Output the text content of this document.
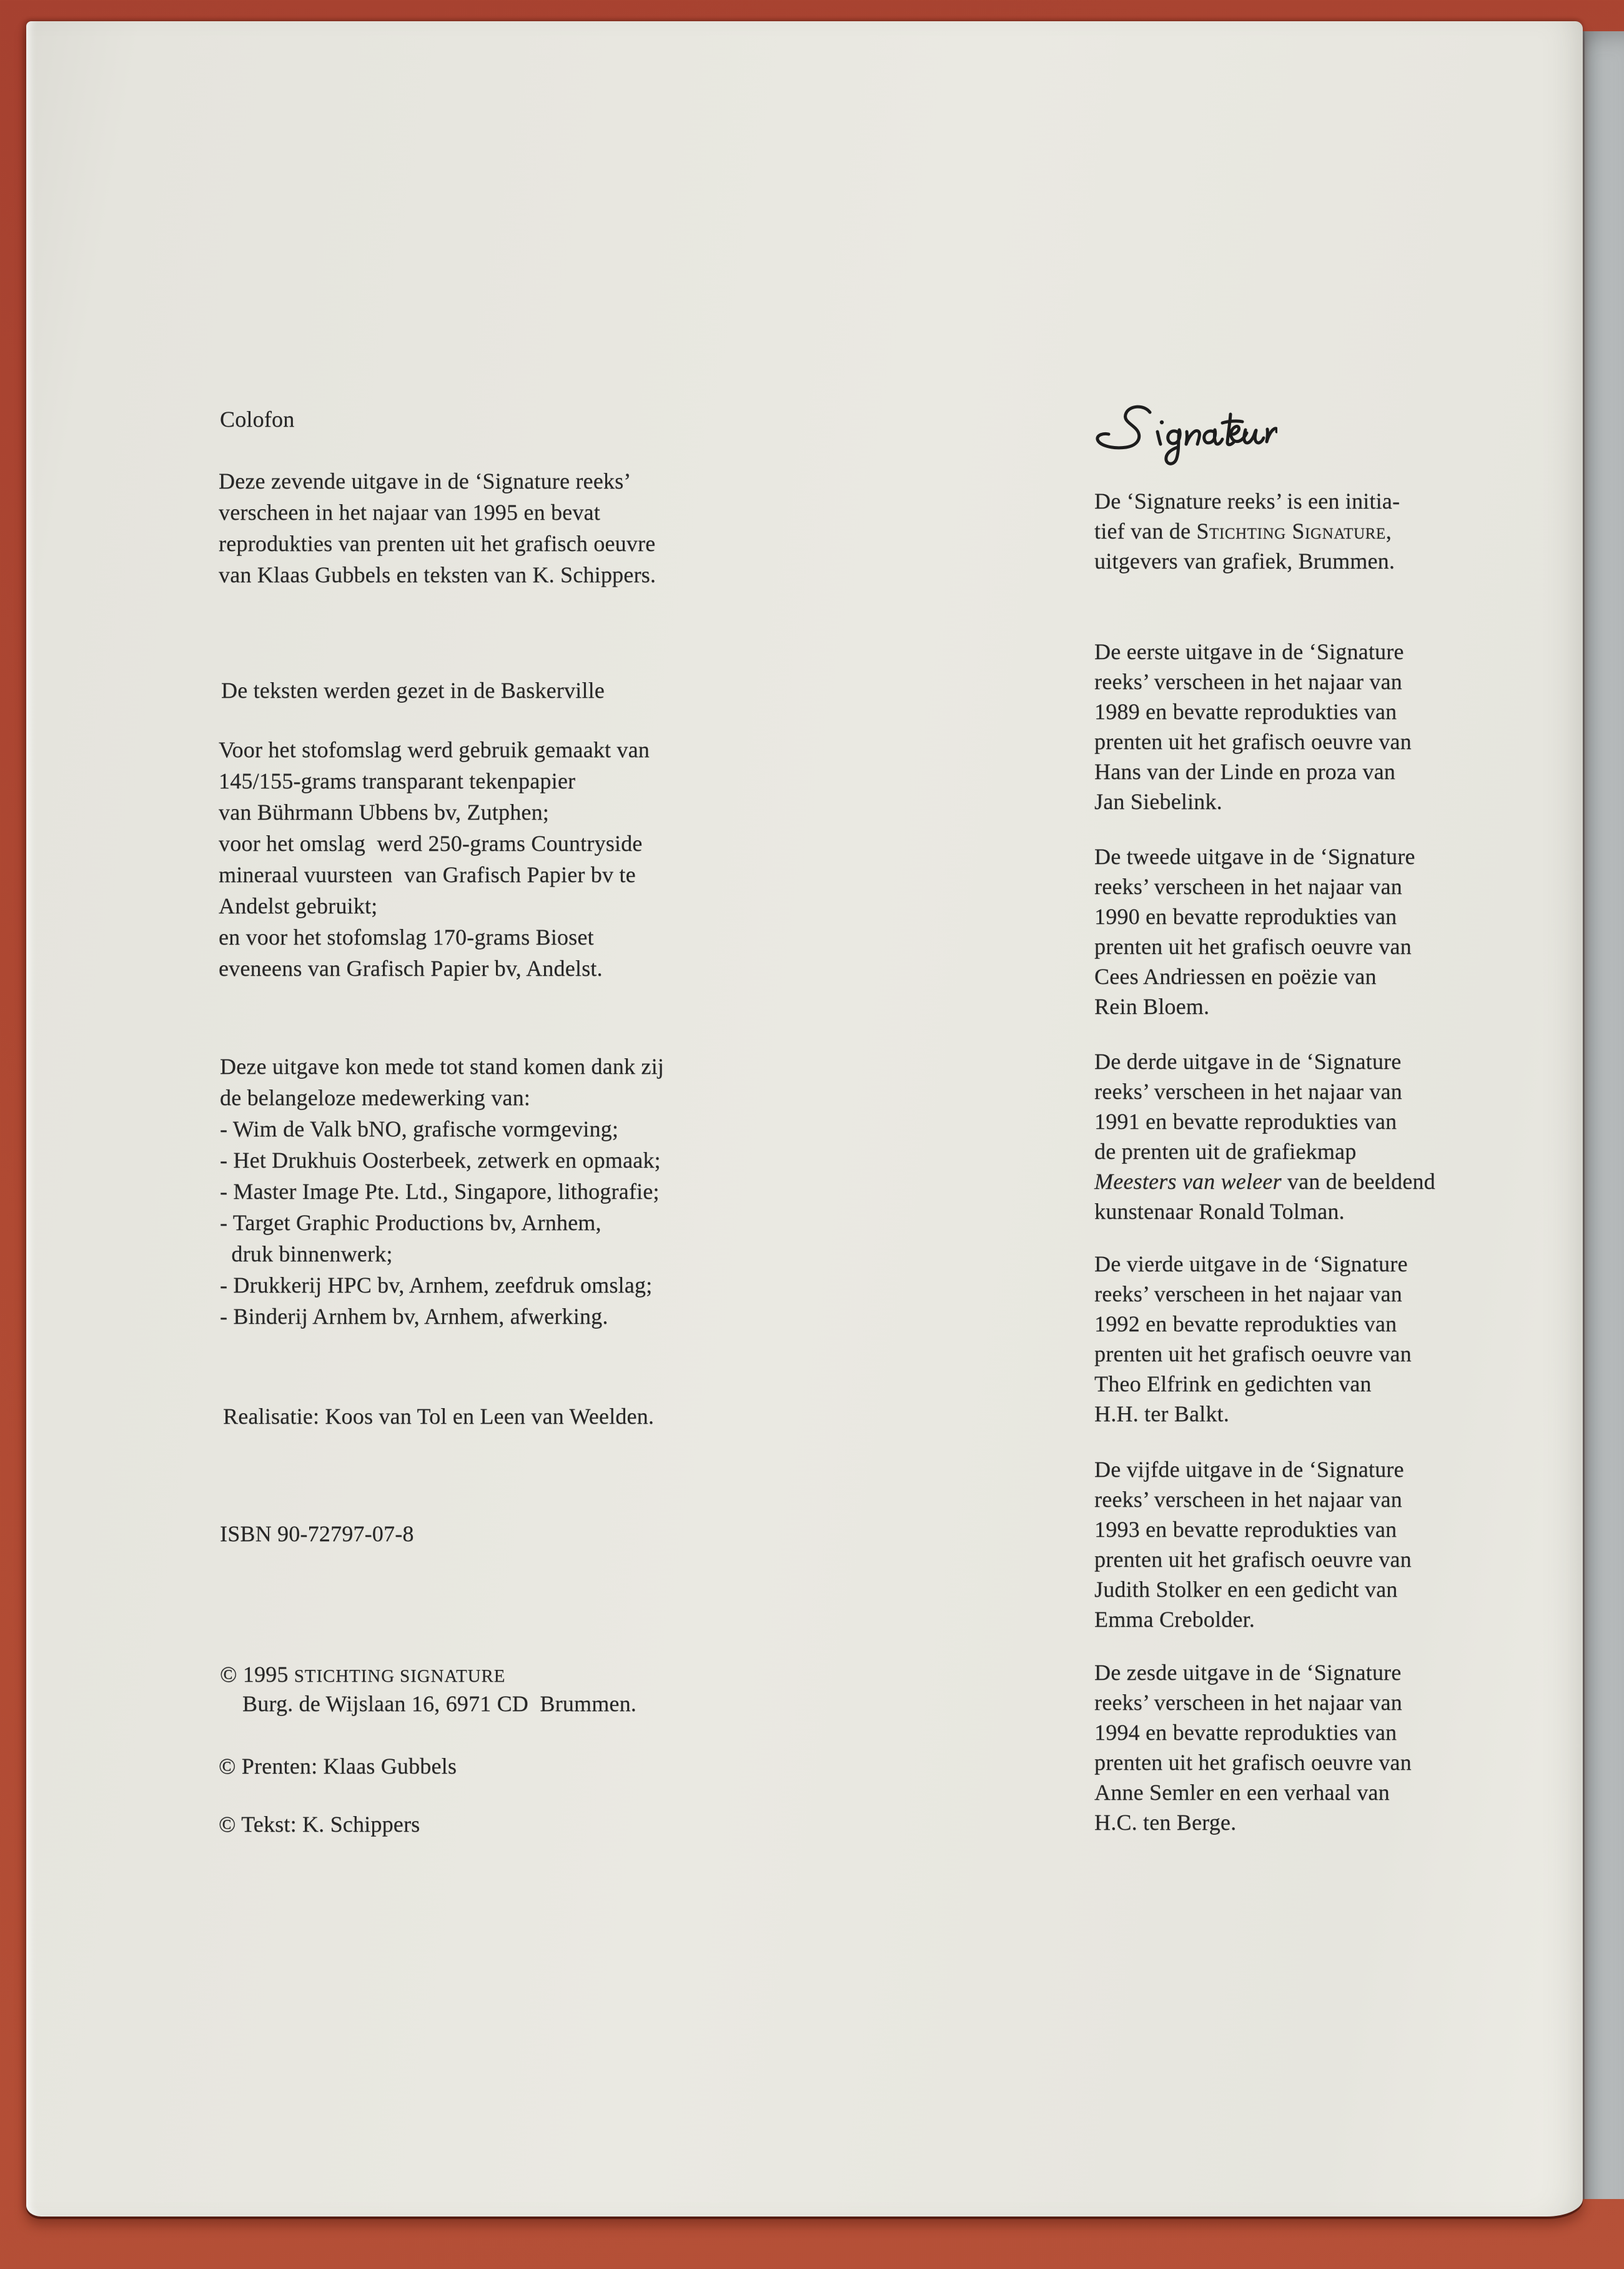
Colofon
Deze zevende uitgave in de ‘Signature reeks’
verscheen in het najaar van 1995 en bevat
reprodukties van prenten uit het grafisch oeuvre
van Klaas Gubbels en teksten van K. Schippers.
De teksten werden gezet in de Baskerville
Voor het stofomslag werd gebruik gemaakt van
145/155-grams transparant tekenpapier
van Bührmann Ubbens bv, Zutphen;
voor het omslag  werd 250-grams Countryside
mineraal vuursteen  van Grafisch Papier bv te
Andelst gebruikt;
en voor het stofomslag 170-grams Bioset
eveneens van Grafisch Papier bv, Andelst.
Deze uitgave kon mede tot stand komen dank zij
de belangeloze medewerking van:
- Wim de Valk bNO, grafische vormgeving;
- Het Drukhuis Oosterbeek, zetwerk en opmaak;
- Master Image Pte. Ltd., Singapore, lithografie;
- Target Graphic Productions bv, Arnhem,
druk binnenwerk;
- Drukkerij HPC bv, Arnhem, zeefdruk omslag;
- Binderij Arnhem bv, Arnhem, afwerking.
Realisatie: Koos van Tol en Leen van Weelden.
ISBN 90-72797-07-8
© 1995 STICHTING SIGNATURE
Burg. de Wijslaan 16, 6971 CD  Brummen.
© Prenten: Klaas Gubbels
© Tekst: K. Schippers
De ‘Signature reeks’ is een initia-
tief van de Stichting Signature,
uitgevers van grafiek, Brummen.
De eerste uitgave in de ‘Signature
reeks’ verscheen in het najaar van
1989 en bevatte reprodukties van
prenten uit het grafisch oeuvre van
Hans van der Linde en proza van
Jan Siebelink.
De tweede uitgave in de ‘Signature
reeks’ verscheen in het najaar van
1990 en bevatte reprodukties van
prenten uit het grafisch oeuvre van
Cees Andriessen en poëzie van
Rein Bloem.
De derde uitgave in de ‘Signature
reeks’ verscheen in het najaar van
1991 en bevatte reprodukties van
de prenten uit de grafiekmap
Meesters van weleer van de beeldend
kunstenaar Ronald Tolman.
De vierde uitgave in de ‘Signature
reeks’ verscheen in het najaar van
1992 en bevatte reprodukties van
prenten uit het grafisch oeuvre van
Theo Elfrink en gedichten van
H.H. ter Balkt.
De vijfde uitgave in de ‘Signature
reeks’ verscheen in het najaar van
1993 en bevatte reprodukties van
prenten uit het grafisch oeuvre van
Judith Stolker en een gedicht van
Emma Crebolder.
De zesde uitgave in de ‘Signature
reeks’ verscheen in het najaar van
1994 en bevatte reprodukties van
prenten uit het grafisch oeuvre van
Anne Semler en een verhaal van
H.C. ten Berge.
